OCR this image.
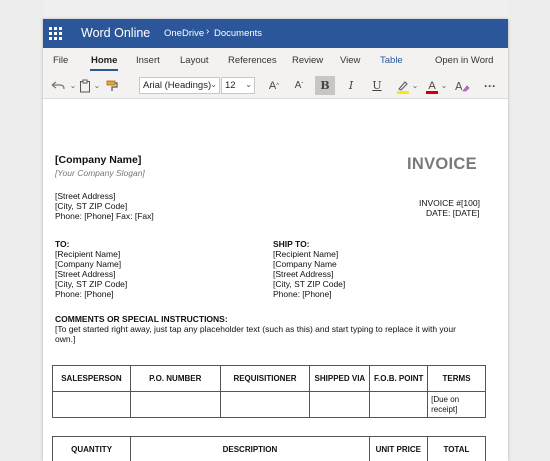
Word Online OneDrive › Documents
File Home Insert Layout References Review View Table	Open in Word
⌄ ⌄	Arial (Headings) ⌄ 12 ⌄ A ^ A ˇ	B	I	U	⌄ A ⌄ A	···
[Company Name]
[Your Company Slogan]	INVOICE
[Street Address]
[City, ST ZIP Code]
Phone: [Phone] Fax: [Fax]
INVOICE #[100]
DATE: [DATE]
TO:
[Recipient Name]
[Company Name]
[Street Address]
[City, ST ZIP Code]
Phone: [Phone]
SHIP TO:
[Recipient Name]
[Company Name
[Street Address]
[City, ST ZIP Code]
Phone: [Phone]
COMMENTS OR SPECIAL INSTRUCTIONS:
[To get started right away, just tap any placeholder text (such as this) and start typing to replace it with your
own.]
SALESPERSON	P.O. NUMBER	REQUISITIONER	SHIPPED VIA	F.O.B. POINT	TERMS
					[Due on receipt]
QUANTITY	DESCRIPTION	UNIT PRICE	TOTAL
